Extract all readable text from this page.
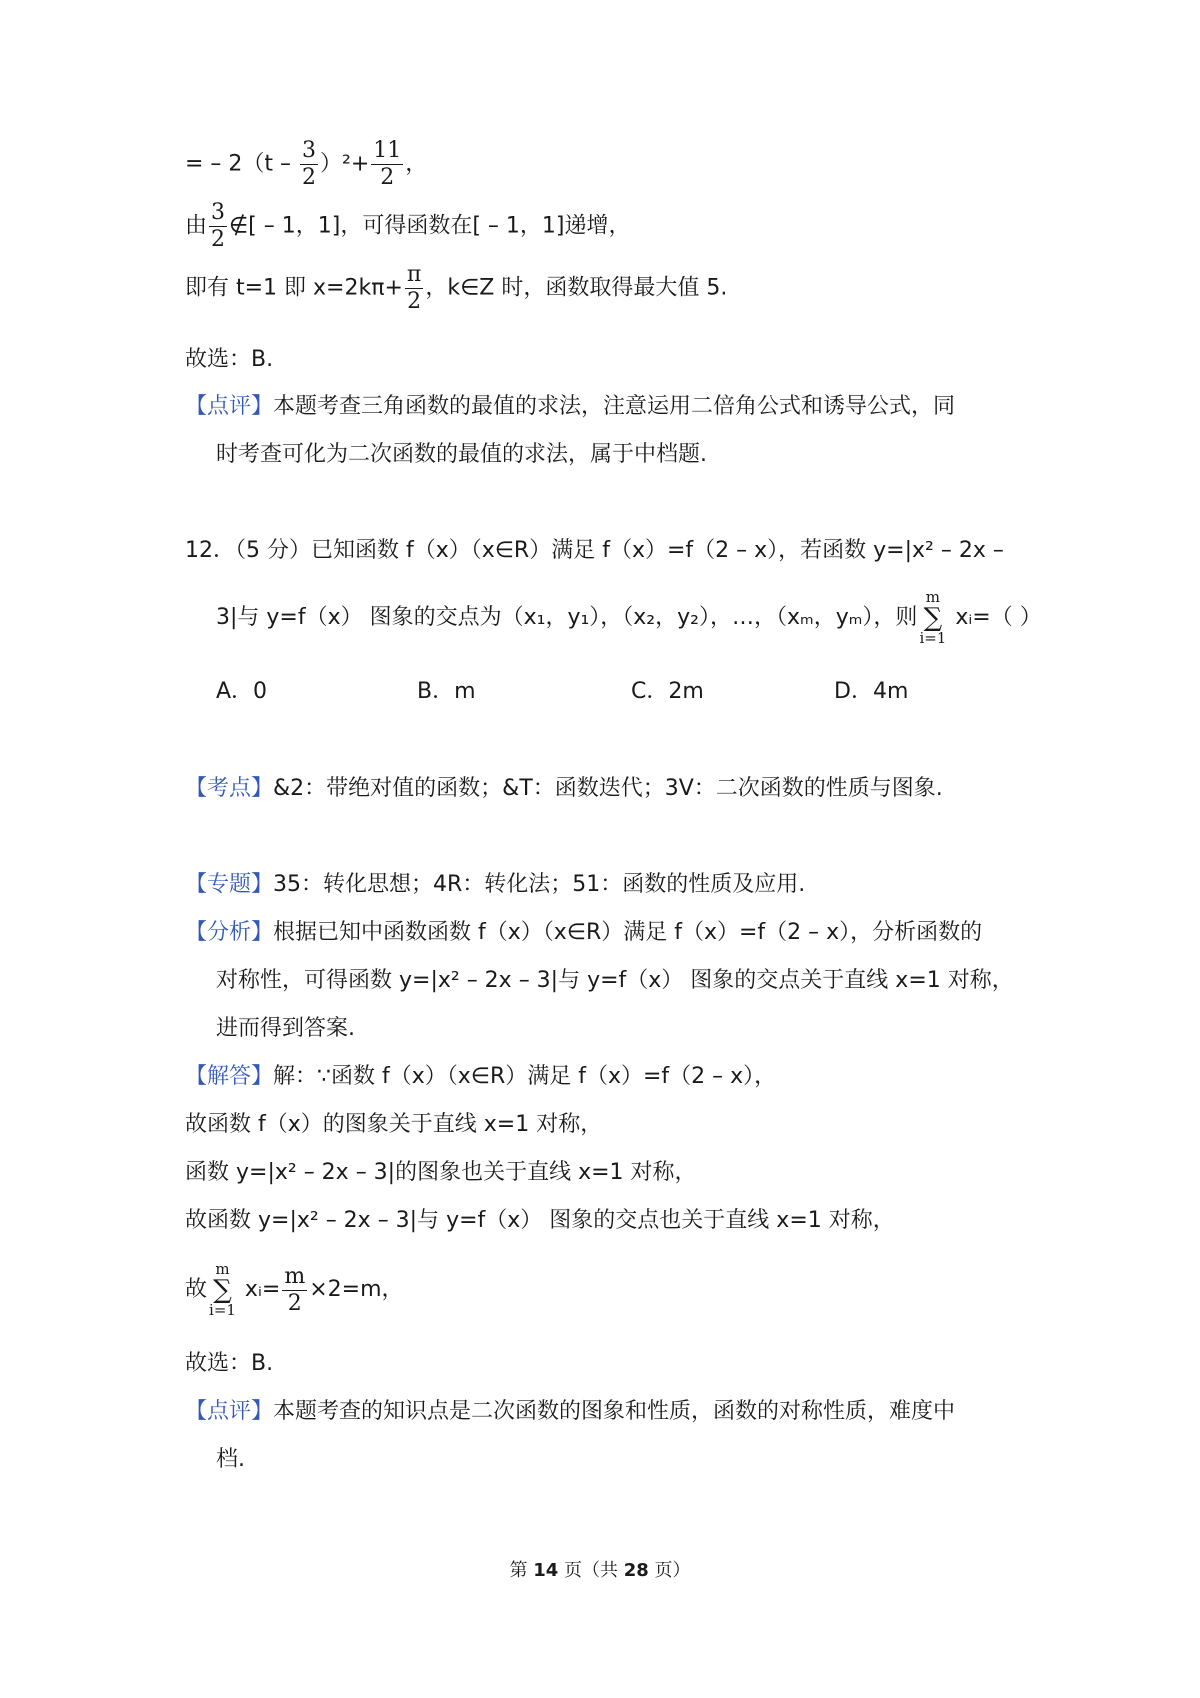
= – $2(t - \frac{3}{2} )^2+ \frac{11}{2}$ ，
由 $\frac{3}{2}$ ∉[ – 1，1]，可得函数在[ – 1，1]递增，
即有 t=1 即 $x=2k\pi+ \frac{\pi}{2}$ ，k∈Z 时，函数取得最大值 5.
故选：B.
【点评】本题考查三角函数的最值的求法，注意运用二倍角公式和诱导公式，同
时考查可化为二次函数的最值的求法，属于中档题.
12．（5 分）已知函数 f（x）（x∈R）满足 f（x）=f（2 – x），若函数 y=|x² – 2x –
3|与 y=f（x） 图象的交点为（x₁，y₁），（x₂，y₂），…，（xₘ，yₘ），则
m
∑
i=1
xᵢ=（ ）
A．0	B．m	C．2m	D．4m
【考点】&2：带绝对值的函数；&T：函数迭代；3V：二次函数的性质与图象.
【专题】35：转化思想；4R：转化法；51：函数的性质及应用.
【分析】根据已知中函数函数 f（x）（x∈R）满足 f（x）=f（2 – x），分析函数的
对称性，可得函数 y=|x² – 2x – 3|与 y=f（x） 图象的交点关于直线 x=1 对称，
进而得到答案.
【解答】解：∵函数 f（x）（x∈R）满足 f（x）=f（2 – x），
故函数 f（x）的图象关于直线 x=1 对称，
函数 y=|x² – 2x – 3|的图象也关于直线 x=1 对称，
故函数 y=|x² – 2x – 3|与 y=f（x） 图象的交点也关于直线 x=1 对称，
故
m
∑
i=1
xᵢ= $\frac{m}{2} \times 2=m$，
故选：B.
【点评】本题考查的知识点是二次函数的图象和性质，函数的对称性质，难度中
档.
第 14 页（共 28 页）
